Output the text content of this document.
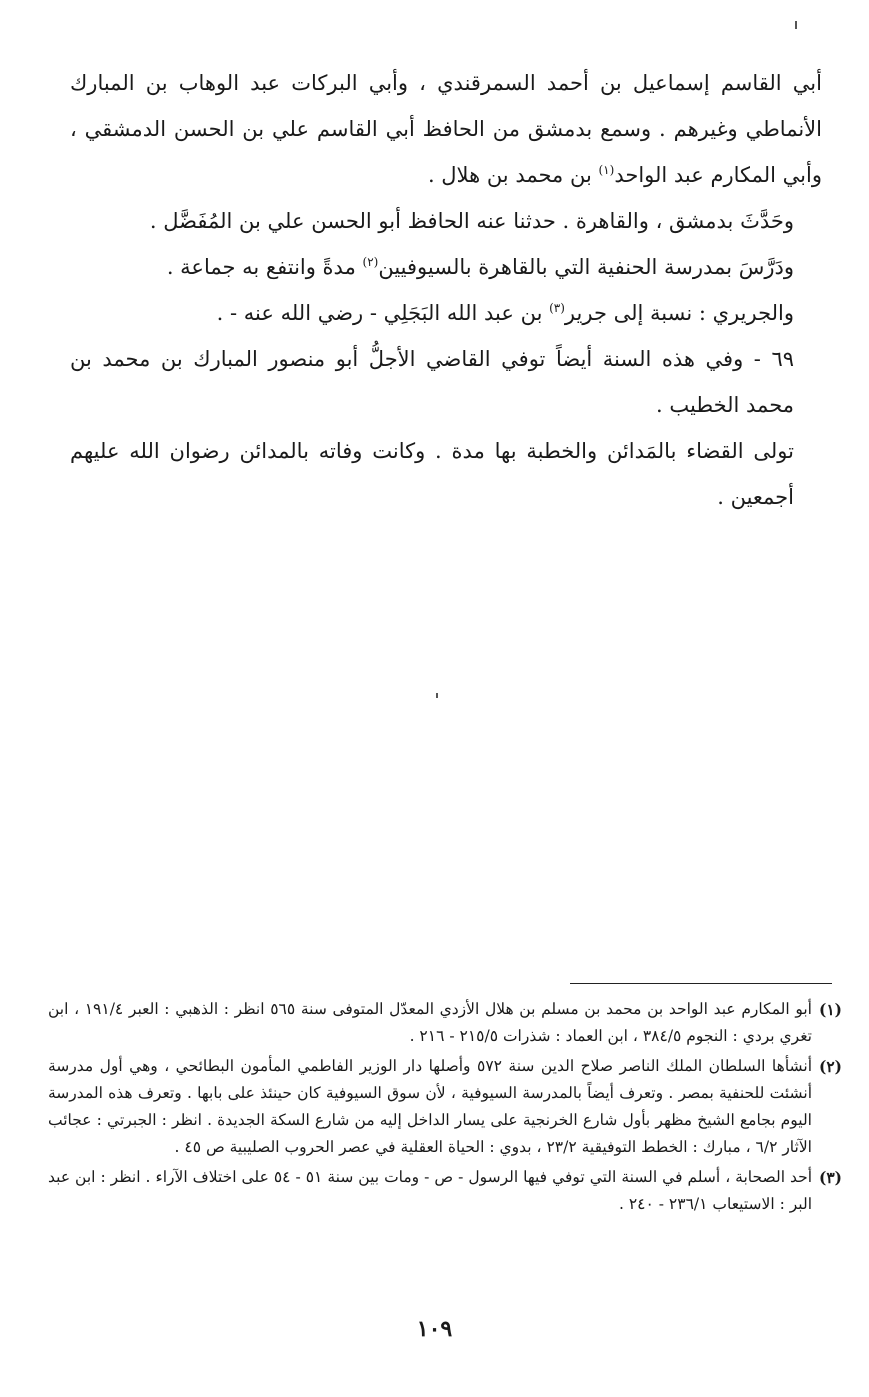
أبي القاسم إسماعيل بن أحمد السمرقندي ، وأبي البركات عبد الوهاب بن المبارك الأنماطي وغيرهم . وسمع بدمشق من الحافظ أبي القاسم علي بن الحسن الدمشقي ، وأبي المكارم عبد الواحد$^{(١)}$ بن محمد بن هلال .

وحَدَّثَ بدمشق ، والقاهرة . حدثنا عنه الحافظ أبو الحسن علي بن المُفَضَّل .

ودَرَّسَ بمدرسة الحنفية التي بالقاهرة بالسيوفيين$^{(٢)}$ مدةً وانتفع به جماعة .

والجريري : نسبة إلى جرير$^{(٣)}$ بن عبد الله البَجَلِي - رضي الله عنه - .

٦٩ - وفي هذه السنة أيضاً توفي القاضي الأجلُّ أبو منصور المبارك بن محمد بن محمد الخطيب .

تولى القضاء بالمَدائن والخطبة بها مدة . وكانت وفاته بالمدائن رضوان الله عليهم أجمعين .

(١)
أبو المكارم عبد الواحد بن محمد بن مسلم بن هلال الأزدي المعدّل المتوفى سنة ٥٦٥ انظر : الذهبي : العبر ١٩١/٤ ، ابن تغري بردي : النجوم ٣٨٤/٥ ، ابن العماد : شذرات ٢١٥/٥ - ٢١٦ .
(٢)
أنشأها السلطان الملك الناصر صلاح الدين سنة ٥٧٢ وأصلها دار الوزير الفاطمي المأمون البطائحي ، وهي أول مدرسة أنشئت للحنفية بمصر . وتعرف أيضاً بالمدرسة السيوفية ، لأن سوق السيوفية كان حينئذ على بابها . وتعرف هذه المدرسة اليوم بجامع الشيخ مظهر بأول شارع الخرنجية على يسار الداخل إليه من شارع السكة الجديدة . انظر : الجبرتي : عجائب الآثار ٦/٢ ، مبارك : الخطط التوفيقية ٢٣/٢ ، بدوي : الحياة العقلية في عصر الحروب الصليبية ص ٤٥ .
(٣)
أحد الصحابة ، أسلم في السنة التي توفي فيها الرسول - ص - ومات بين سنة ٥١ - ٥٤ على اختلاف الآراء . انظر : ابن عبد البر : الاستيعاب ٢٣٦/١ - ٢٤٠ .
١٠٩
